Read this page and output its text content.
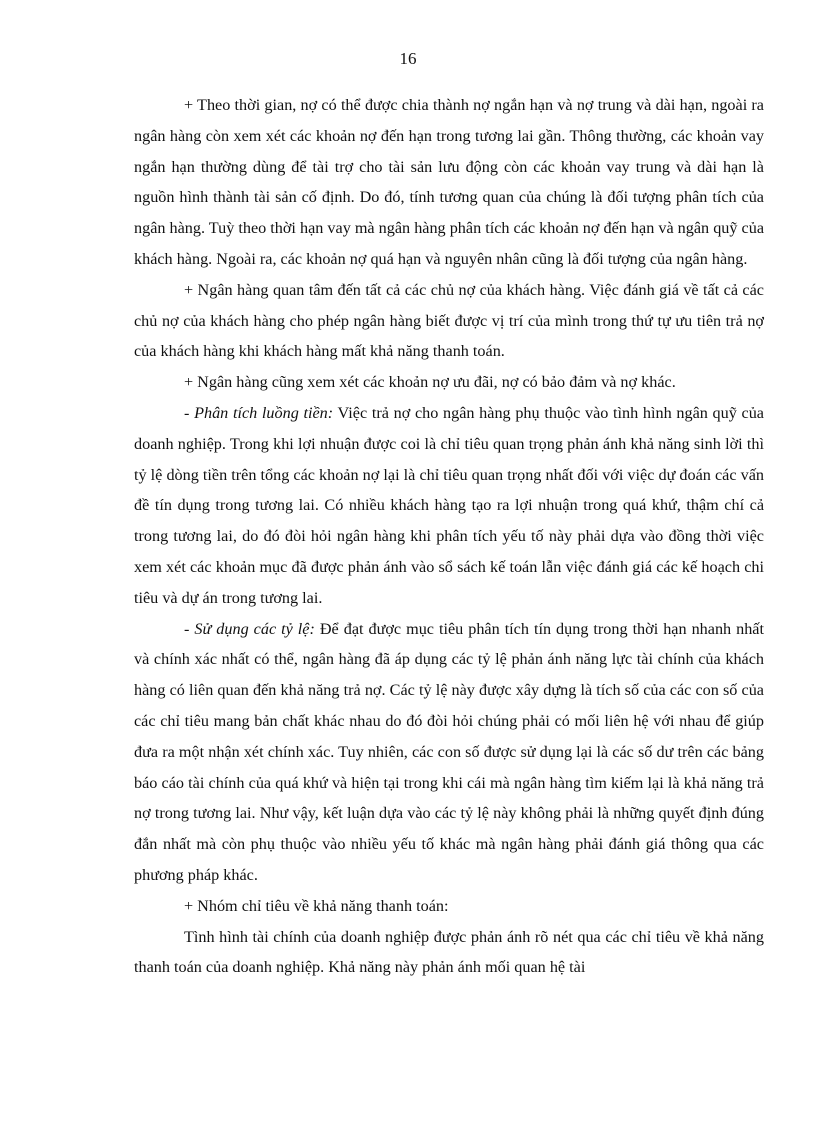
16

+ Theo thời gian, nợ có thể được chia thành nợ ngắn hạn và nợ trung và dài hạn, ngoài ra ngân hàng còn xem xét các khoản nợ đến hạn trong tương lai gần. Thông thường, các khoản vay ngắn hạn thường dùng để tài trợ cho tài sản lưu động còn các khoản vay trung và dài hạn là nguồn hình thành tài sản cố định. Do đó, tính tương quan của chúng là đối tượng phân tích của ngân hàng. Tuỳ theo thời hạn vay mà ngân hàng phân tích các khoản nợ đến hạn và ngân quỹ của khách hàng. Ngoài ra, các khoản nợ quá hạn và nguyên nhân cũng là đối tượng của ngân hàng.

+ Ngân hàng quan tâm đến tất cả các chủ nợ của khách hàng. Việc đánh giá về tất cả các chủ nợ của khách hàng cho phép ngân hàng biết được vị trí của mình trong thứ tự ưu tiên trả nợ của khách hàng khi khách hàng mất khả năng thanh toán.

+ Ngân hàng cũng xem xét các khoản nợ ưu đãi, nợ có bảo đảm và nợ khác.

- Phân tích luồng tiền: Việc trả nợ cho ngân hàng phụ thuộc vào tình hình ngân quỹ của doanh nghiệp. Trong khi lợi nhuận được coi là chỉ tiêu quan trọng phản ánh khả năng sinh lời thì tỷ lệ dòng tiền trên tổng các khoản nợ lại là chỉ tiêu quan trọng nhất đối với việc dự đoán các vấn đề tín dụng trong tương lai. Có nhiều khách hàng tạo ra lợi nhuận trong quá khứ, thậm chí cả trong tương lai, do đó đòi hỏi ngân hàng khi phân tích yếu tố này phải dựa vào đồng thời việc xem xét các khoản mục đã được phản ánh vào sổ sách kế toán lẫn việc đánh giá các kế hoạch chi tiêu và dự án trong tương lai.

- Sử dụng các tỷ lệ: Để đạt được mục tiêu phân tích tín dụng trong thời hạn nhanh nhất và chính xác nhất có thể, ngân hàng đã áp dụng các tỷ lệ phản ánh năng lực tài chính của khách hàng có liên quan đến khả năng trả nợ. Các tỷ lệ này được xây dựng là tích số của các con số của các chỉ tiêu mang bản chất khác nhau do đó đòi hỏi chúng phải có mối liên hệ với nhau để giúp đưa ra một nhận xét chính xác. Tuy nhiên, các con số được sử dụng lại là các số dư trên các bảng báo cáo tài chính của quá khứ và hiện tại trong khi cái mà ngân hàng tìm kiếm lại là khả năng trả nợ trong tương lai. Như vậy, kết luận dựa vào các tỷ lệ này không phải là những quyết định đúng đắn nhất mà còn phụ thuộc vào nhiều yếu tố khác mà ngân hàng phải đánh giá thông qua các phương pháp khác.

+ Nhóm chỉ tiêu về khả năng thanh toán:

Tình hình tài chính của doanh nghiệp được phản ánh rõ nét qua các chỉ tiêu về khả năng thanh toán của doanh nghiệp. Khả năng này phản ánh mối quan hệ tài
